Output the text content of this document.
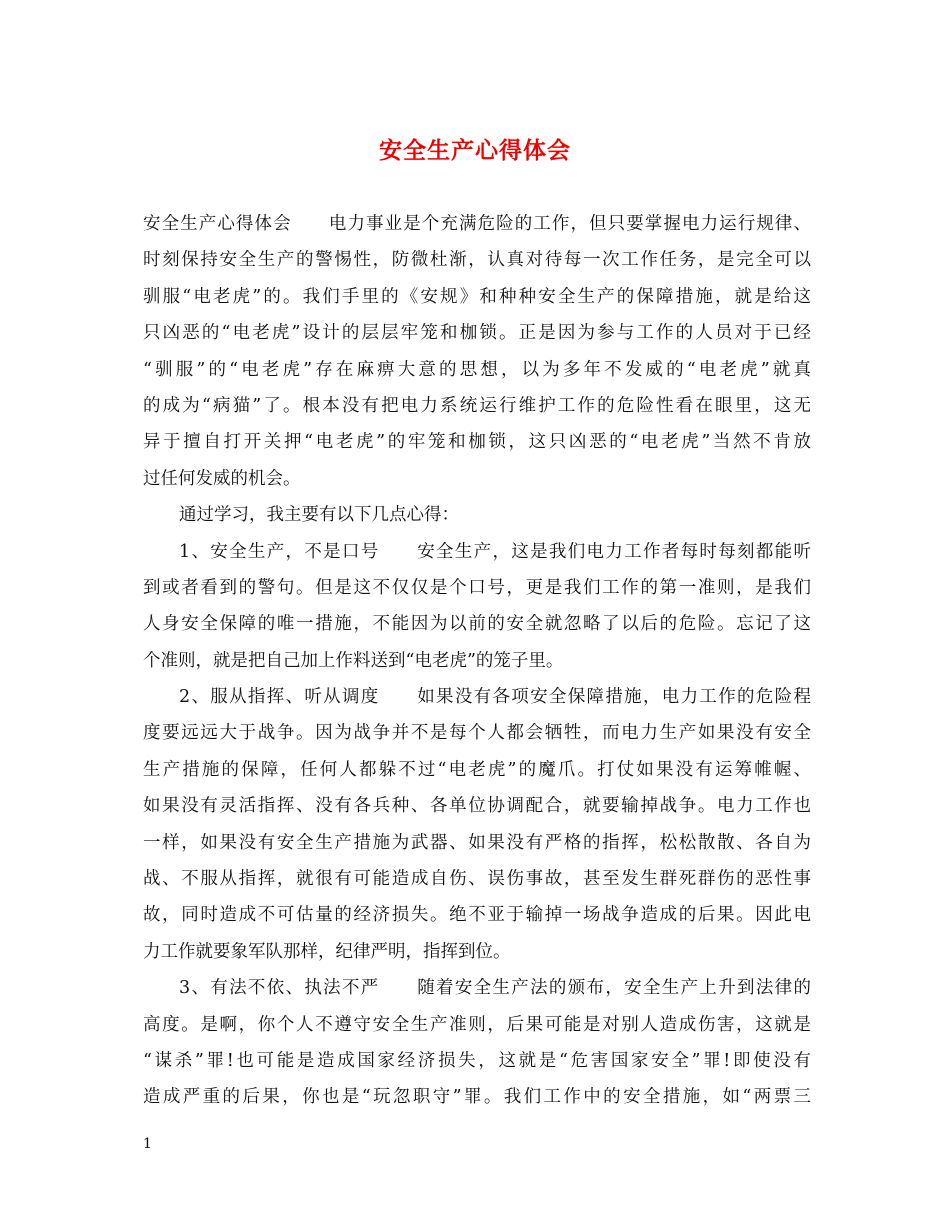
安全生产心得体会
安全生产心得体会　　电力事业是个充满危险的工作，但只要掌握电力运行规律、
时刻保持安全生产的警惕性，防微杜渐，认真对待每一次工作任务，是完全可以
驯服“电老虎”的。我们手里的《安规》和种种安全生产的保障措施，就是给这
只凶恶的“电老虎”设计的层层牢笼和枷锁。正是因为参与工作的人员对于已经
“驯服”的“电老虎”存在麻痹大意的思想，以为多年不发威的“电老虎”就真
的成为“病猫”了。根本没有把电力系统运行维护工作的危险性看在眼里，这无
异于擅自打开关押“电老虎”的牢笼和枷锁，这只凶恶的“电老虎”当然不肯放
过任何发威的机会。
通过学习，我主要有以下几点心得：
1、安全生产，不是口号　　安全生产，这是我们电力工作者每时每刻都能听
到或者看到的警句。但是这不仅仅是个口号，更是我们工作的第一准则，是我们
人身安全保障的唯一措施，不能因为以前的安全就忽略了以后的危险。忘记了这
个准则，就是把自己加上作料送到“电老虎”的笼子里。
2、服从指挥、听从调度　　如果没有各项安全保障措施，电力工作的危险程
度要远远大于战争。因为战争并不是每个人都会牺牲，而电力生产如果没有安全
生产措施的保障，任何人都躲不过“电老虎”的魔爪。打仗如果没有运筹帷幄、
如果没有灵活指挥、没有各兵种、各单位协调配合，就要输掉战争。电力工作也
一样，如果没有安全生产措施为武器、如果没有严格的指挥，松松散散、各自为
战、不服从指挥，就很有可能造成自伤、误伤事故，甚至发生群死群伤的恶性事
故，同时造成不可估量的经济损失。绝不亚于输掉一场战争造成的后果。因此电
力工作就要象军队那样，纪律严明，指挥到位。
3、有法不依、执法不严　　随着安全生产法的颁布，安全生产上升到法律的
高度。是啊，你个人不遵守安全生产准则，后果可能是对别人造成伤害，这就是
“谋杀”罪!也可能是造成国家经济损失，这就是“危害国家安全”罪!即使没有
造成严重的后果，你也是“玩忽职守”罪。我们工作中的安全措施，如“两票三
1
